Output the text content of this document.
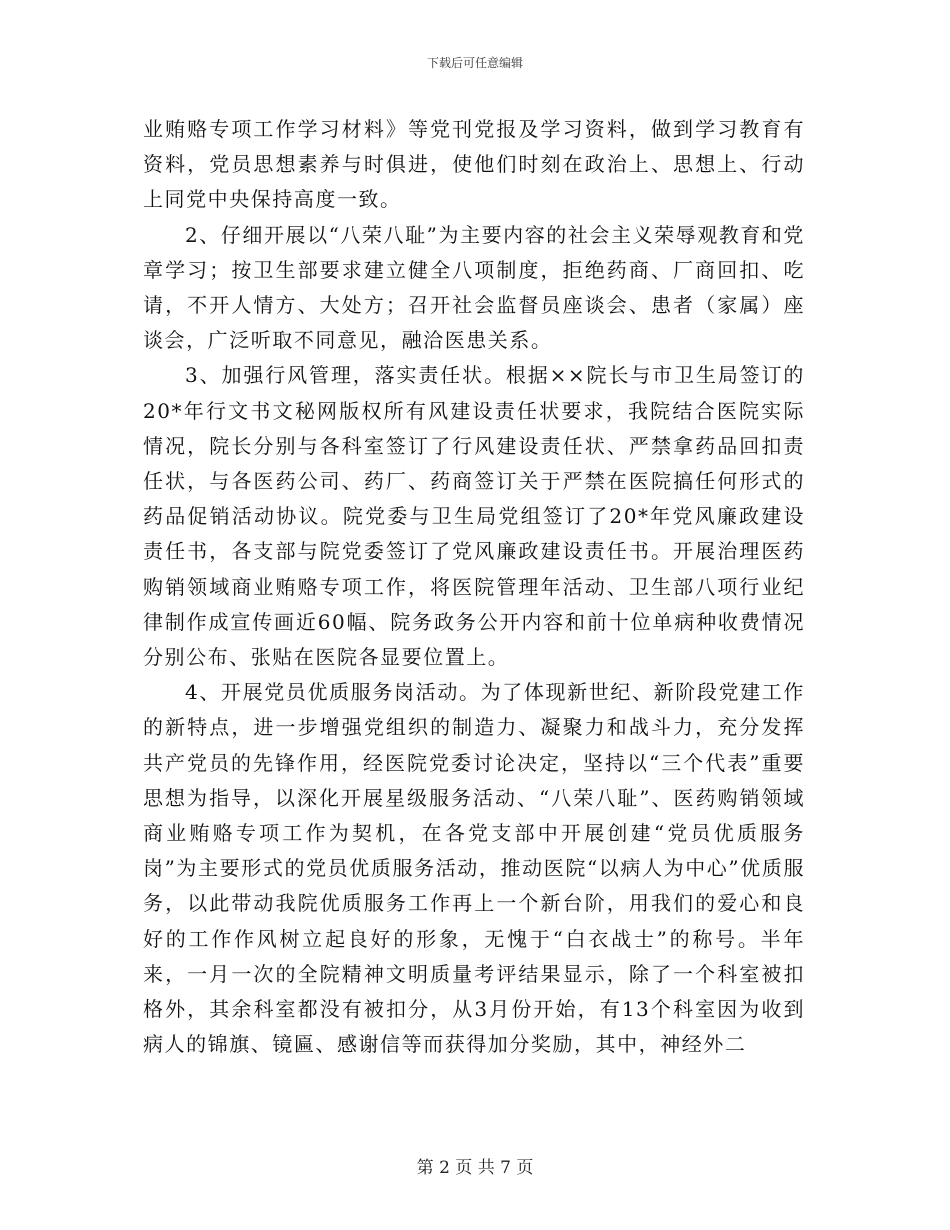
下载后可任意编辑

业贿赂专项工作学习材料》等党刊党报及学习资料，做到学习教育有资料，党员思想素养与时俱进，使他们时刻在政治上、思想上、行动上同党中央保持高度一致。

2、仔细开展以“八荣八耻”为主要内容的社会主义荣辱观教育和党章学习；按卫生部要求建立健全八项制度，拒绝药商、厂商回扣、吃请，不开人情方、大处方；召开社会监督员座谈会、患者（家属）座谈会，广泛听取不同意见，融洽医患关系。

3、加强行风管理，落实责任状。根据××院长与市卫生局签订的20*年行文书文秘网版权所有风建设责任状要求，我院结合医院实际情况，院长分别与各科室签订了行风建设责任状、严禁拿药品回扣责任状，与各医药公司、药厂、药商签订关于严禁在医院搞任何形式的药品促销活动协议。院党委与卫生局党组签订了20*年党风廉政建设责任书，各支部与院党委签订了党风廉政建设责任书。开展治理医药购销领域商业贿赂专项工作，将医院管理年活动、卫生部八项行业纪律制作成宣传画近60幅、院务政务公开内容和前十位单病种收费情况分别公布、张贴在医院各显要位置上。

4、开展党员优质服务岗活动。为了体现新世纪、新阶段党建工作的新特点，进一步增强党组织的制造力、凝聚力和战斗力，充分发挥共产党员的先锋作用，经医院党委讨论决定，坚持以“三个代表”重要思想为指导，以深化开展星级服务活动、“八荣八耻”、医药购销领域商业贿赂专项工作为契机，在各党支部中开展创建“党员优质服务岗”为主要形式的党员优质服务活动，推动医院“以病人为中心”优质服务，以此带动我院优质服务工作再上一个新台阶，用我们的爱心和良好的工作作风树立起良好的形象，无愧于“白衣战士”的称号。半年来，一月一次的全院精神文明质量考评结果显示，除了一个科室被扣格外，其余科室都没有被扣分，从3月份开始，有13个科室因为收到病人的锦旗、镜匾、感谢信等而获得加分奖励，其中，神经外二

第 2 页 共 7 页
